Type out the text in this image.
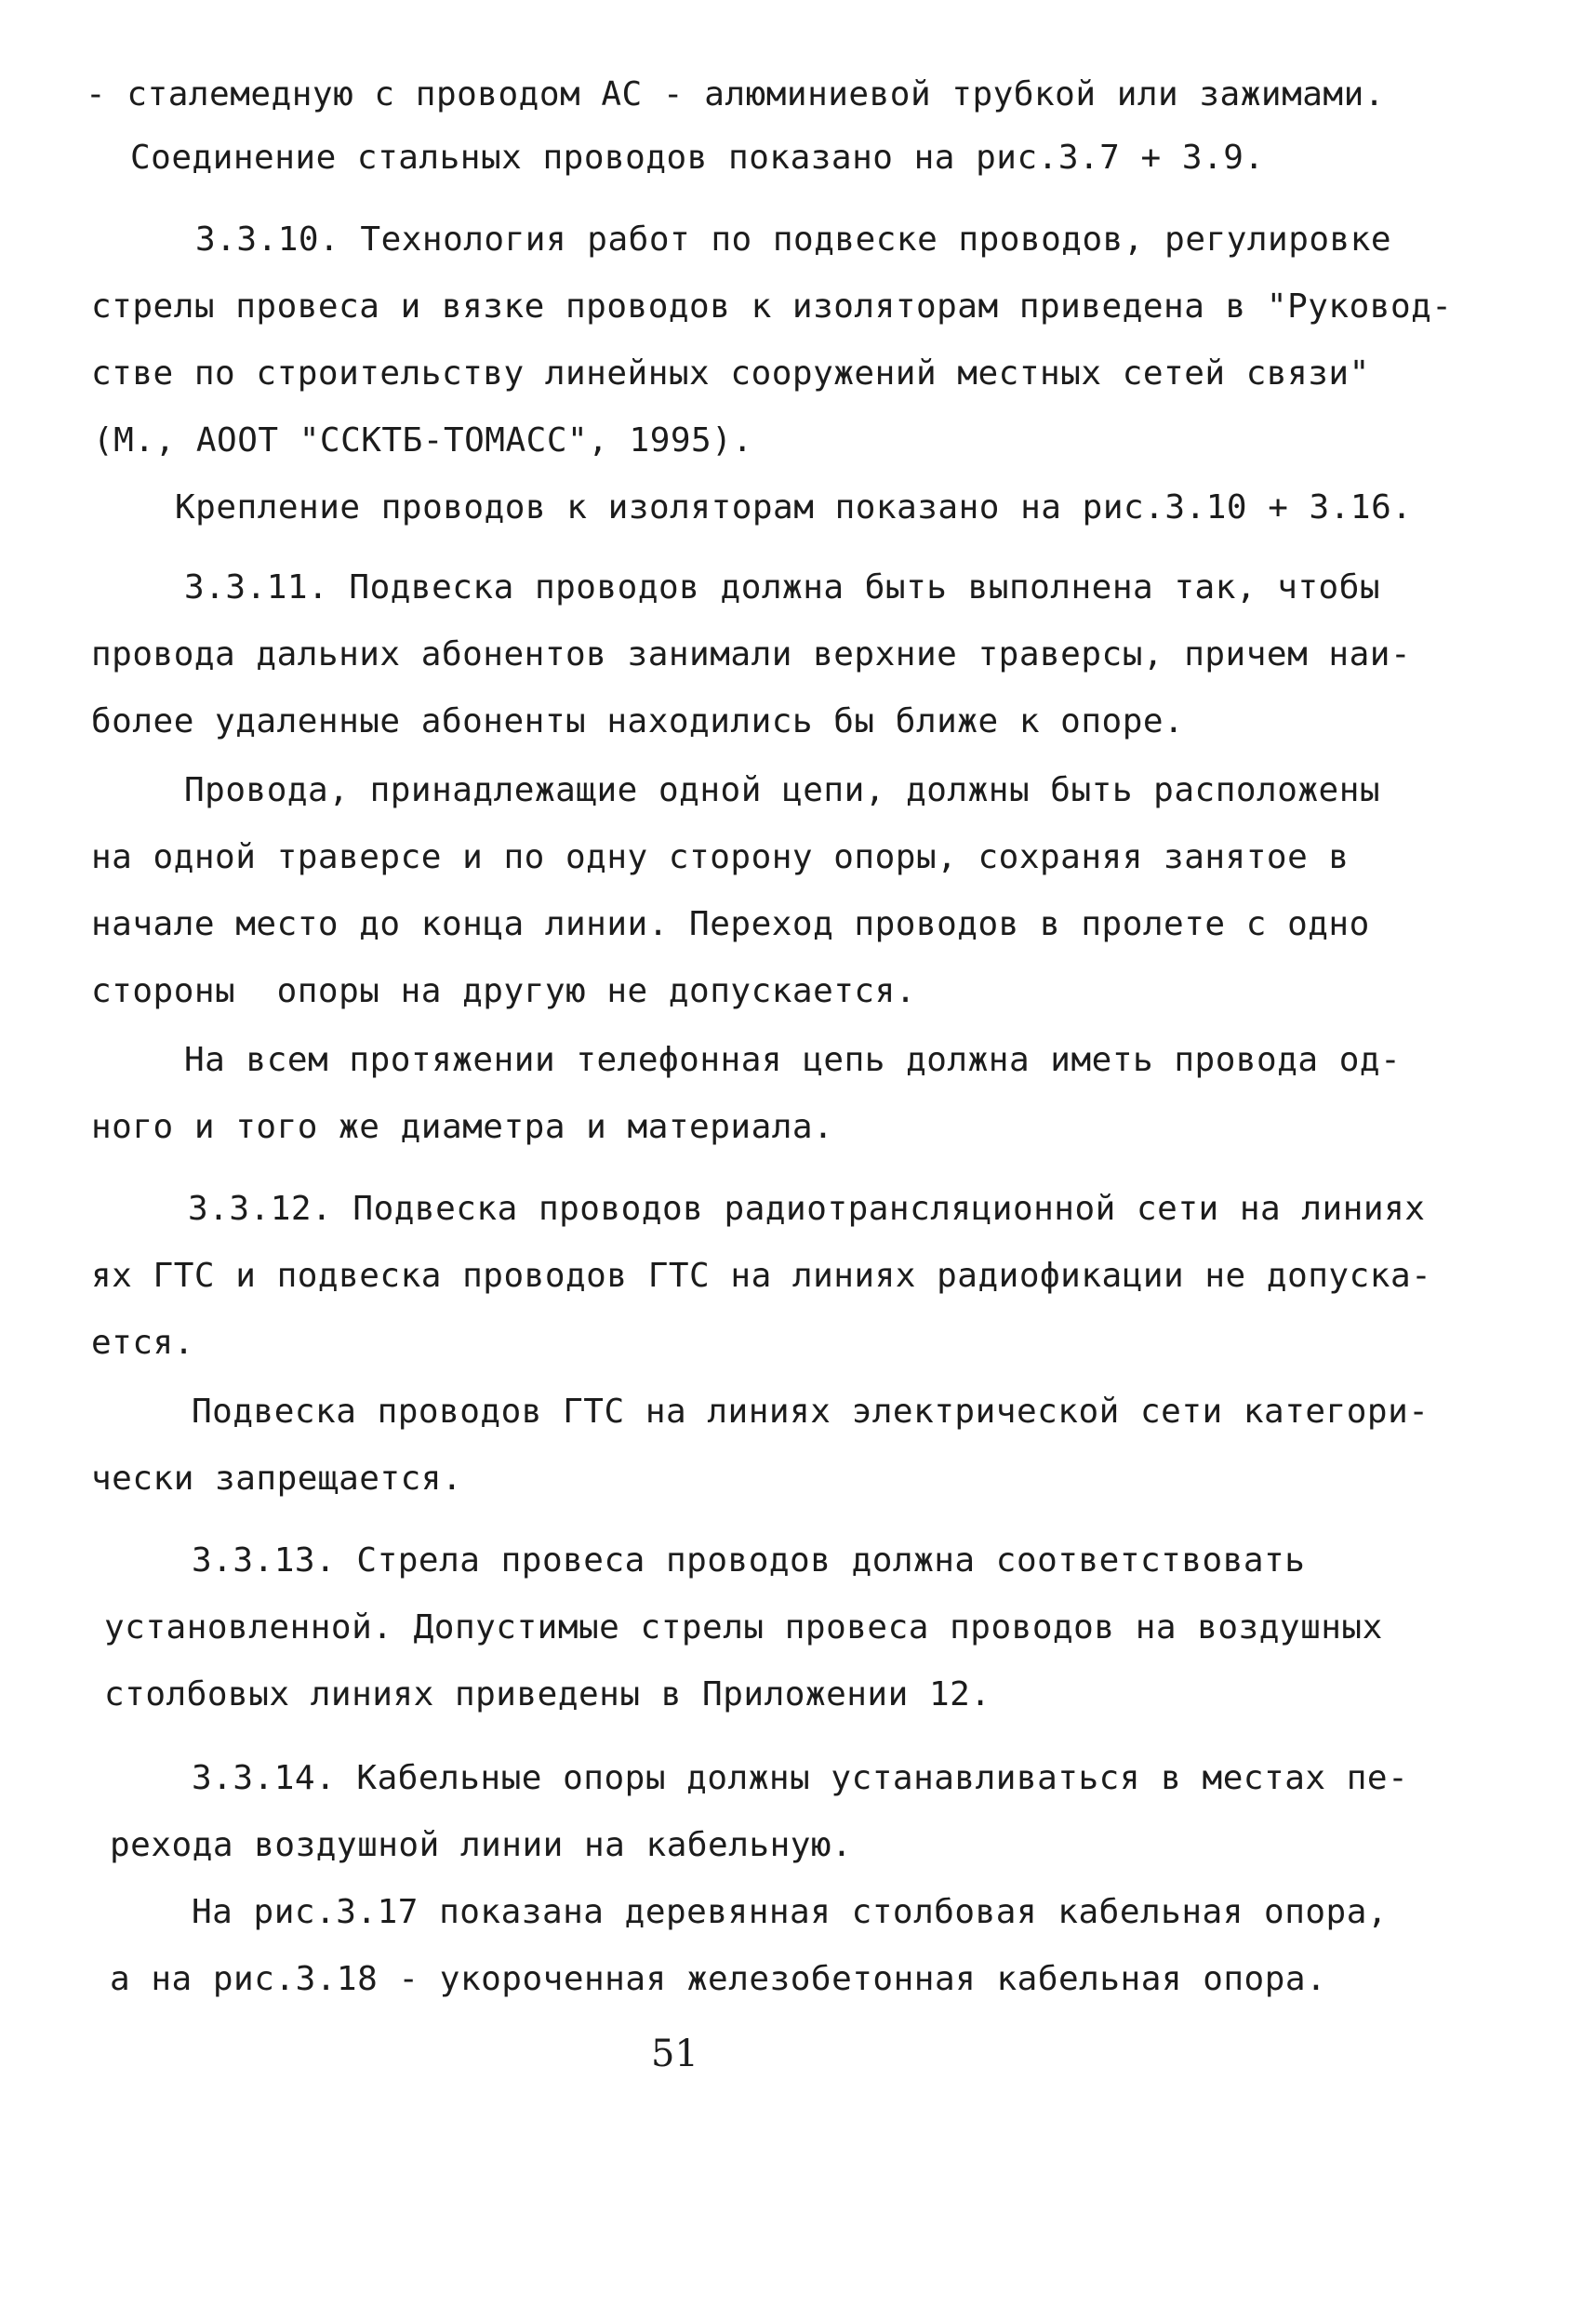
- сталемедную с проводом АС - алюминиевой трубкой или зажимами.
Соединение стальных проводов показано на рис.3.7 + 3.9.
3.3.10. Технология работ по подвеске проводов, регулировке
стрелы провеса и вязке проводов к изоляторам приведена в "Руковод-
стве по строительству линейных сооружений местных сетей связи"
(М., АООТ "ССКТБ-ТОМАСС", 1995).
Крепление проводов к изоляторам показано на рис.3.10 + 3.16.
3.3.11. Подвеска проводов должна быть выполнена так, чтобы
провода дальних абонентов занимали верхние траверсы, причем наи-
более удаленные абоненты находились бы ближе к опоре.
Провода, принадлежащие одной цепи, должны быть расположены
на одной траверсе и по одну сторону опоры, сохраняя занятое в
начале место до конца линии. Переход проводов в пролете с одно
стороны  опоры на другую не допускается.
На всем протяжении телефонная цепь должна иметь провода од-
ного и того же диаметра и материала.
3.3.12. Подвеска проводов радиотрансляционной сети на линиях
ях ГТС и подвеска проводов ГТС на линиях радиофикации не допуска-
ется.
Подвеска проводов ГТС на линиях электрической сети категори-
чески запрещается.
3.3.13. Стрела провеса проводов должна соответствовать
установленной. Допустимые стрелы провеса проводов на воздушных
столбовых линиях приведены в Приложении 12.
3.3.14. Кабельные опоры должны устанавливаться в местах пе-
рехода воздушной линии на кабельную.
На рис.3.17 показана деревянная столбовая кабельная опора,
а на рис.3.18 - укороченная железобетонная кабельная опора.
51
